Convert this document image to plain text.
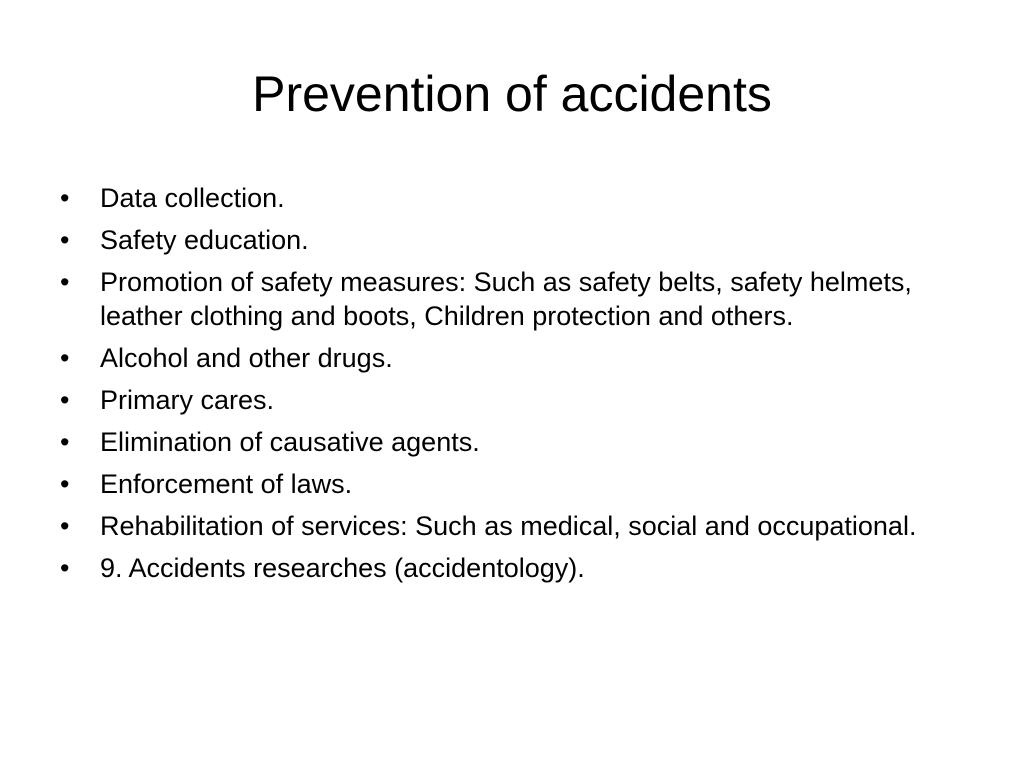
Prevention of accidents
• Data collection.
• Safety education.
• Promotion of safety measures: Such as safety belts, safety helmets, leather clothing and boots, Children protection and others.
• Alcohol and other drugs.
• Primary cares.
• Elimination of causative agents.
• Enforcement of laws.
• Rehabilitation of services: Such as medical, social and occupational.
• 9. Accidents researches (accidentology).
